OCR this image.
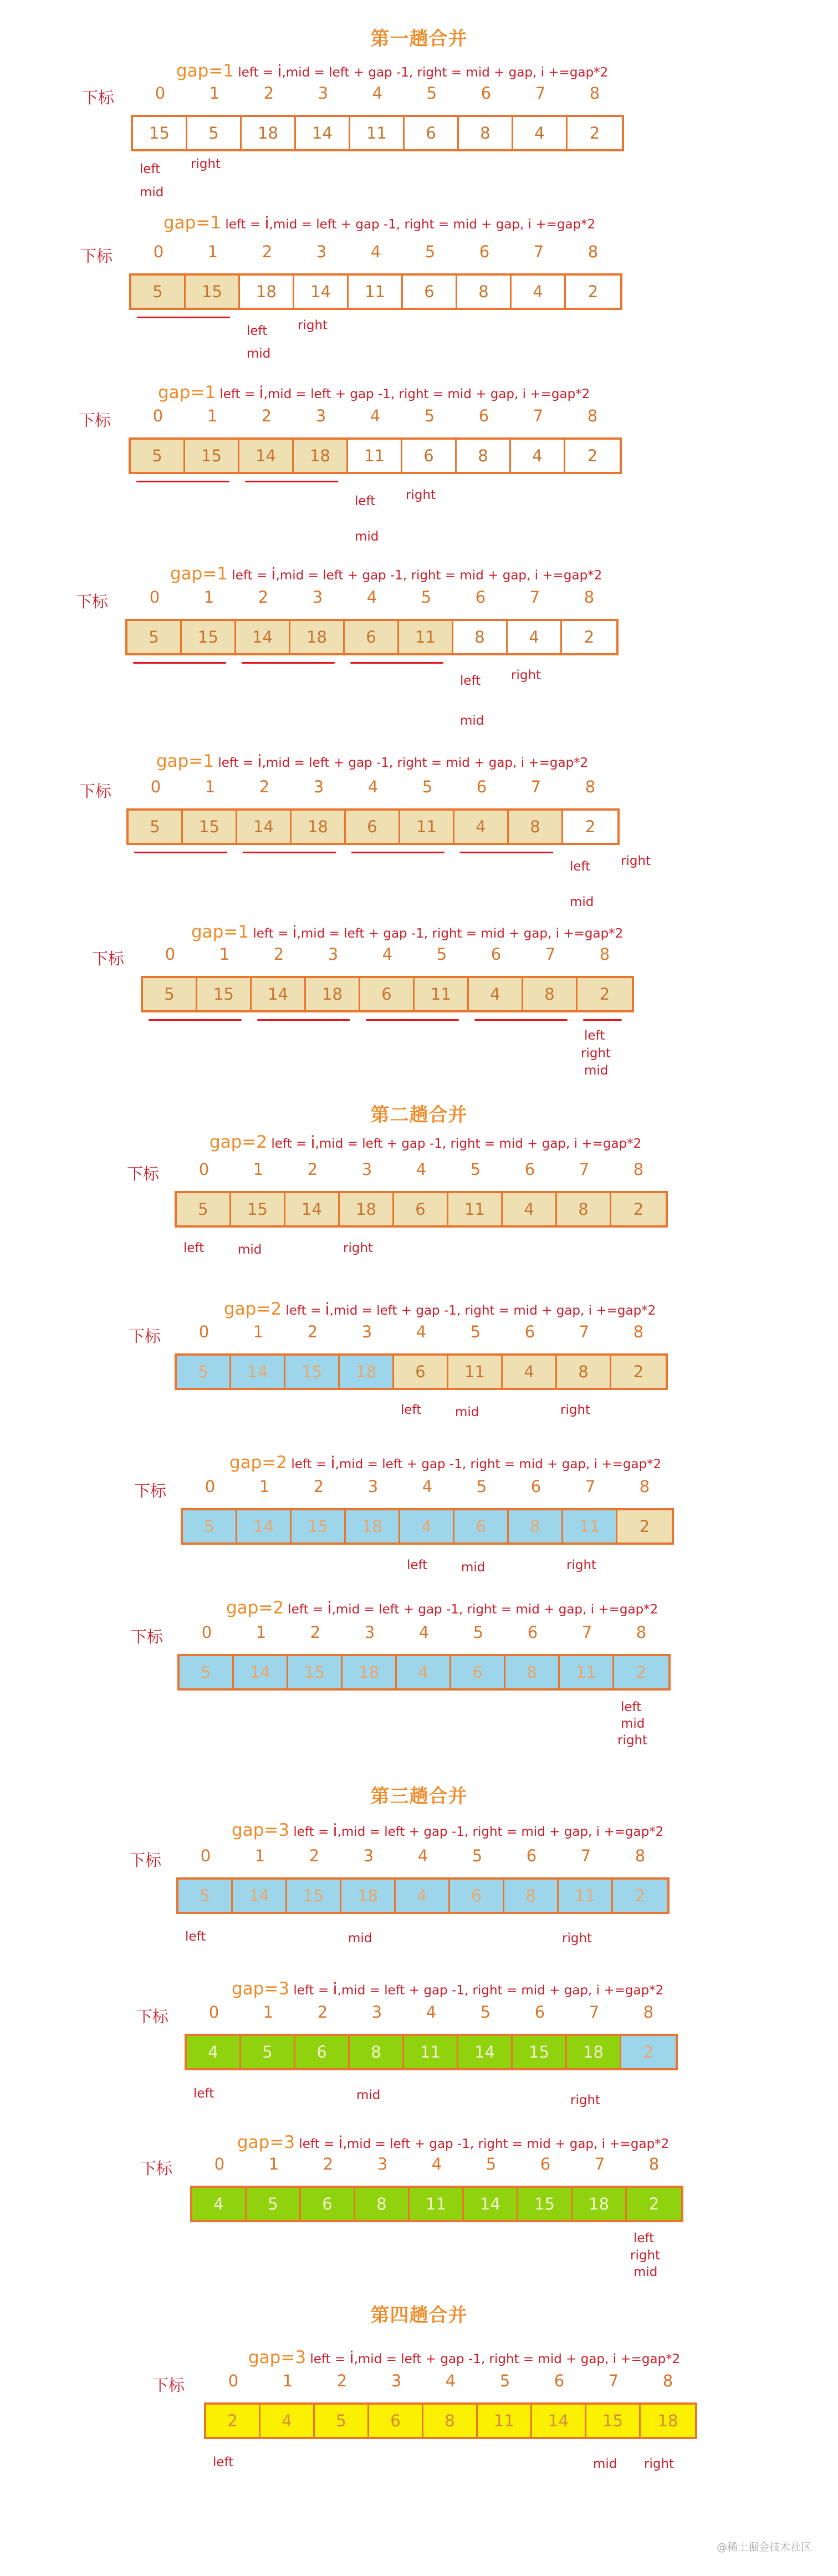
第一趟合并
第二趟合并
第三趟合并
第四趟合并
gap=1 left = i,mid = left + gap -1, right = mid + gap, i +=gap*2
下标	0	1	2	3	4	5	6	7	8
15	5	18	14	11	6	8	4	2
left right
mid
gap=1 left = i,mid = left + gap -1, right = mid + gap, i +=gap*2
下标	0	1	2	3	4	5	6	7	8
5	15	18	14	11	6	8	4	2
left right
mid
gap=1 left = i,mid = left + gap -1, right = mid + gap, i +=gap*2
下标	0	1	2	3	4	5	6	7	8
5	15	14	18	11	6	8	4	2
left right
mid
gap=1 left = i,mid = left + gap -1, right = mid + gap, i +=gap*2
下标	0	1	2	3	4	5	6	7	8
5	15	14	18	6	11	8	4	2
left right
mid
gap=1 left = i,mid = left + gap -1, right = mid + gap, i +=gap*2
下标	0	1	2	3	4	5	6	7	8
5	15	14	18	6	11	4	8	2
left right
mid
gap=1 left = i,mid = left + gap -1, right = mid + gap, i +=gap*2
下标	0	1	2	3	4	5	6	7	8
5	15	14	18	6	11	4	8	2
left
right
mid
gap=2 left = i,mid = left + gap -1, right = mid + gap, i +=gap*2
下标	0	1	2	3	4	5	6	7	8
5	15	14	18	6	11	4	8	2
left	mid	right
gap=2 left = i,mid = left + gap -1, right = mid + gap, i +=gap*2
下标	0	1	2	3	4	5	6	7	8
5	14	15	18	6	11	4	8	2
left	mid	right
gap=2 left = i,mid = left + gap -1, right = mid + gap, i +=gap*2
下标	0	1	2	3	4	5	6	7	8
5	14	15	18	4	6	8	11	2
left	mid	right
gap=2 left = i,mid = left + gap -1, right = mid + gap, i +=gap*2
下标	0	1	2	3	4	5	6	7	8
5	14	15	18	4	6	8	11	2
left
mid
right
gap=3 left = i,mid = left + gap -1, right = mid + gap, i +=gap*2
下标	0	1	2	3	4	5	6	7	8
5	14	15	18	4	6	8	11	2
left	mid	right
gap=3 left = i,mid = left + gap -1, right = mid + gap, i +=gap*2
下标	0	1	2	3	4	5	6	7	8
4	5	6	8	11	14	15	18	2
left	mid	right
gap=3 left = i,mid = left + gap -1, right = mid + gap, i +=gap*2
下标	0	1	2	3	4	5	6	7	8
4	5	6	8	11	14	15	18	2
left
right
mid
gap=3 left = i,mid = left + gap -1, right = mid + gap, i +=gap*2
下标	0	1	2	3	4	5	6	7	8
2	4	5	6	8	11	14	15	18
left	mid right
@稀土掘金技术社区
